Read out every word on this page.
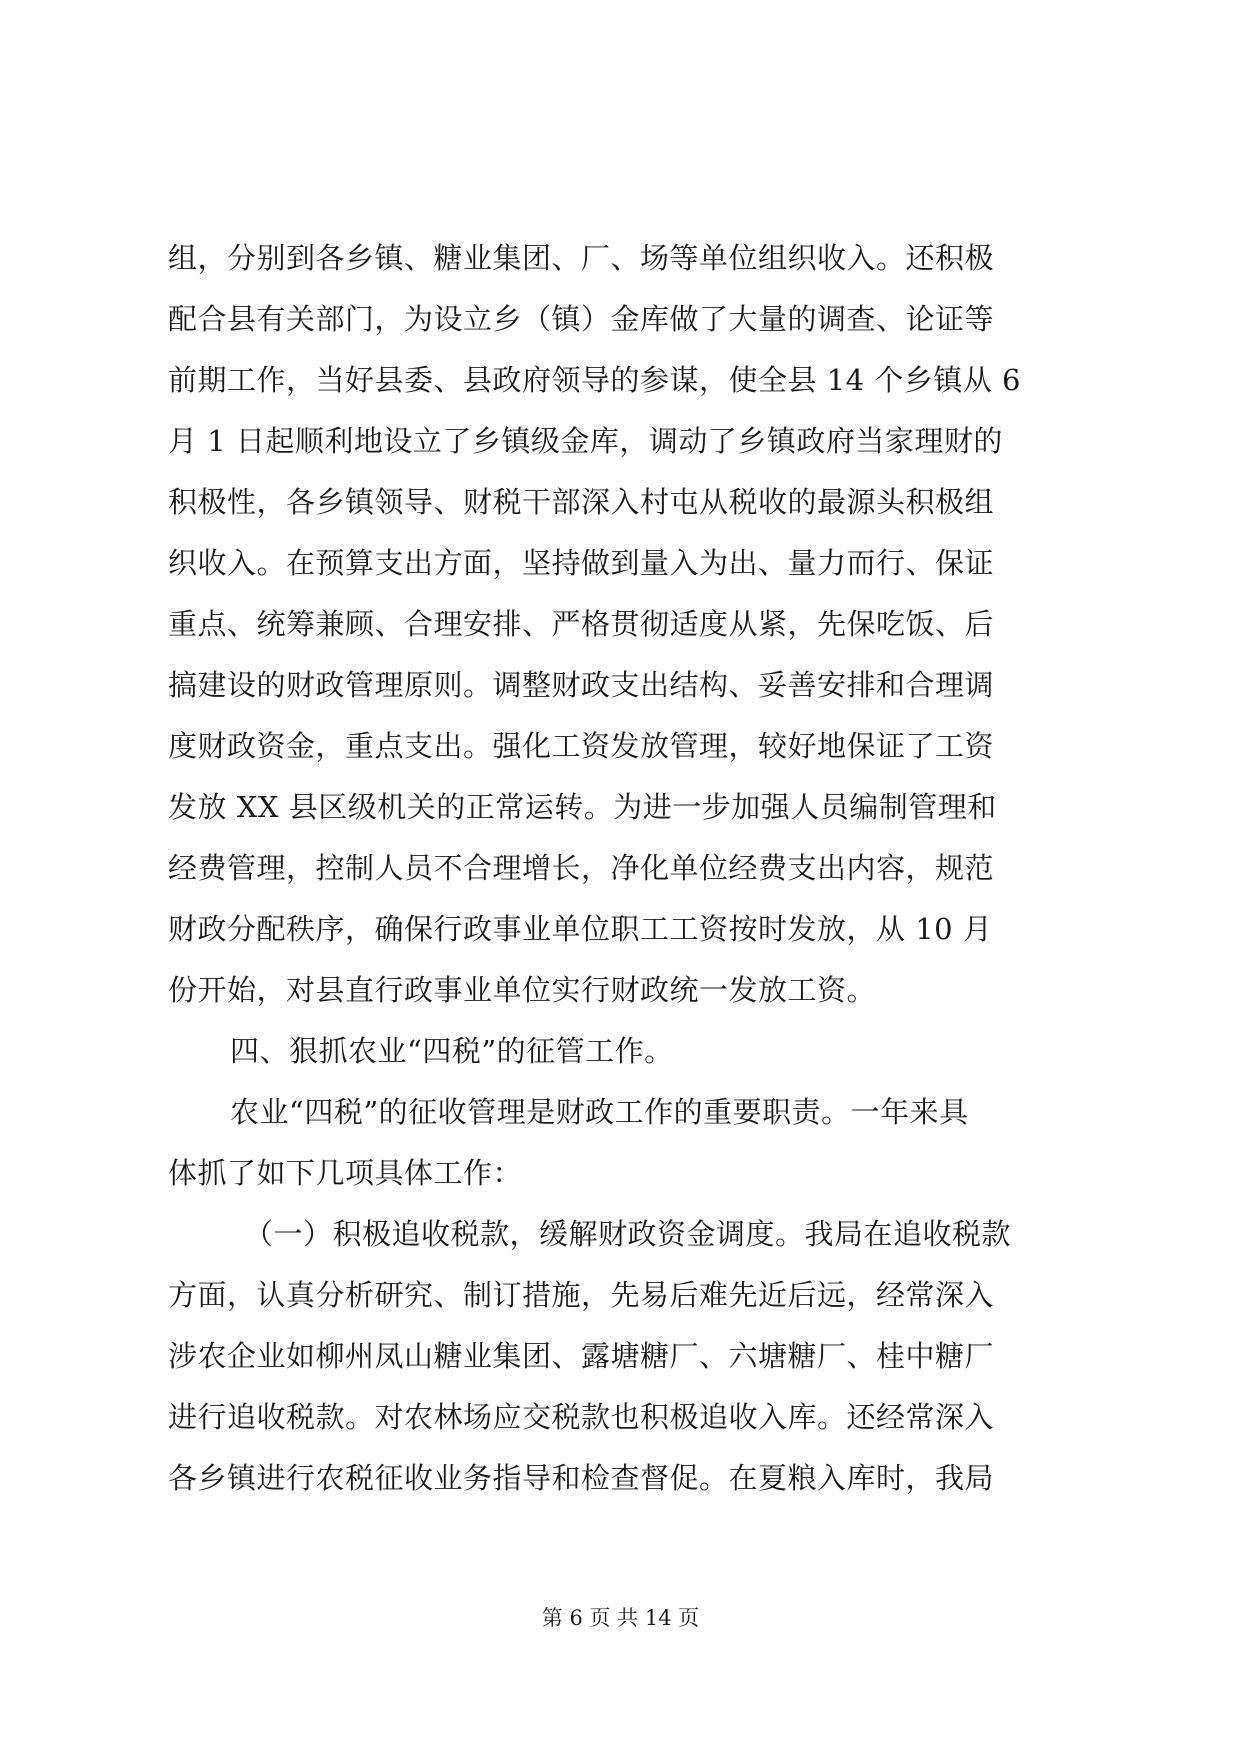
组，分别到各乡镇、糖业集团、厂、场等单位组织收入。还积极
配合县有关部门，为设立乡（镇）金库做了大量的调查、论证等
前期工作，当好县委、县政府领导的参谋，使全县 14 个乡镇从 6
月 1 日起顺利地设立了乡镇级金库，调动了乡镇政府当家理财的
积极性，各乡镇领导、财税干部深入村屯从税收的最源头积极组
织收入。在预算支出方面，坚持做到量入为出、量力而行、保证
重点、统筹兼顾、合理安排、严格贯彻适度从紧，先保吃饭、后
搞建设的财政管理原则。调整财政支出结构、妥善安排和合理调
度财政资金，重点支出。强化工资发放管理，较好地保证了工资
发放 XX 县区级机关的正常运转。为进一步加强人员编制管理和
经费管理，控制人员不合理增长，净化单位经费支出内容，规范
财政分配秩序，确保行政事业单位职工工资按时发放，从 10 月
份开始，对县直行政事业单位实行财政统一发放工资。
四、狠抓农业“四税”的征管工作。
农业“四税”的征收管理是财政工作的重要职责。一年来具
体抓了如下几项具体工作：
（一）积极追收税款，缓解财政资金调度。我局在追收税款
方面，认真分析研究、制订措施，先易后难先近后远，经常深入
涉农企业如柳州凤山糖业集团、露塘糖厂、六塘糖厂、桂中糖厂
进行追收税款。对农林场应交税款也积极追收入库。还经常深入
各乡镇进行农税征收业务指导和检查督促。在夏粮入库时，我局
第 6 页 共 14 页
